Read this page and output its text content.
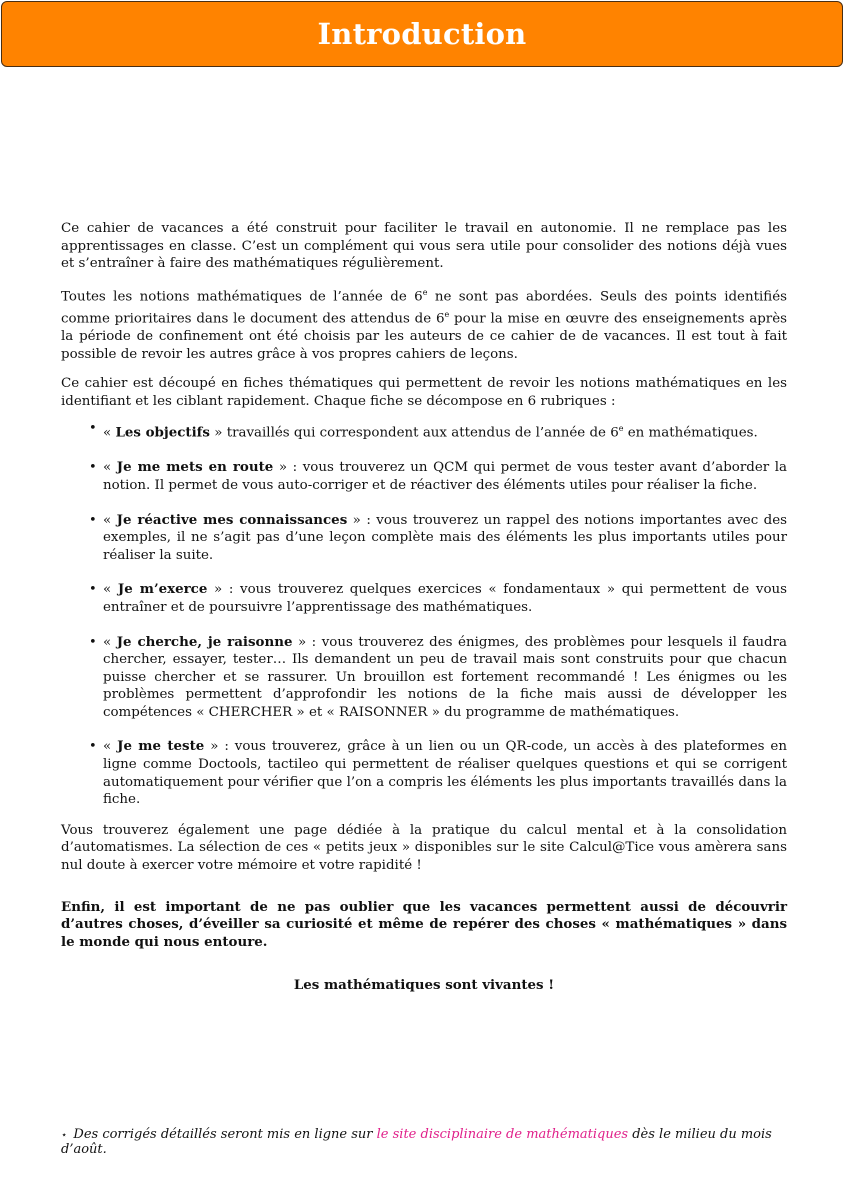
Introduction

Ce cahier de vacances a été construit pour faciliter le travail en autonomie. Il ne remplace pas les apprentissages en classe. C’est un complément qui vous sera utile pour consolider des notions déjà vues et s’entraîner à faire des mathématiques régulièrement.

Toutes les notions mathématiques de l’année de 6e ne sont pas abordées. Seuls des points identifiés comme prioritaires dans le document des attendus de 6e pour la mise en œuvre des enseignements après la période de confinement ont été choisis par les auteurs de ce cahier de de vacances. Il est tout à fait possible de revoir les autres grâce à vos propres cahiers de leçons.

Ce cahier est découpé en fiches thématiques qui permettent de revoir les notions mathématiques en les identifiant et les ciblant rapidement. Chaque fiche se décompose en 6 rubriques :

• « Les objectifs » travaillés qui correspondent aux attendus de l’année de 6e en mathématiques.
• « Je me mets en route » : vous trouverez un QCM qui permet de vous tester avant d’aborder la notion. Il permet de vous auto-corriger et de réactiver des éléments utiles pour réaliser la fiche.
• « Je réactive mes connaissances » : vous trouverez un rappel des notions importantes avec des exemples, il ne s’agit pas d’une leçon complète mais des éléments les plus importants utiles pour réaliser la suite.
• « Je m’exerce » : vous trouverez quelques exercices « fondamentaux » qui permettent de vous entraîner et de poursuivre l’apprentissage des mathématiques.
• « Je cherche, je raisonne » : vous trouverez des énigmes, des problèmes pour lesquels il faudra chercher, essayer, tester… Ils demandent un peu de travail mais sont construits pour que chacun puisse chercher et se rassurer. Un brouillon est fortement recommandé ! Les énigmes ou les problèmes permettent d’approfondir les notions de la fiche mais aussi de développer les compétences « CHERCHER » et « RAISONNER » du programme de mathématiques.
• « Je me teste » : vous trouverez, grâce à un lien ou un QR-code, un accès à des plateformes en ligne comme Doctools, tactileo qui permettent de réaliser quelques questions et qui se corrigent automatiquement pour vérifier que l’on a compris les éléments les plus importants travaillés dans la fiche.

Vous trouverez également une page dédiée à la pratique du calcul mental et à la consolidation d’automatismes. La sélection de ces « petits jeux » disponibles sur le site Calcul@Tice vous amèrera sans nul doute à exercer votre mémoire et votre rapidité !

Enfin, il est important de ne pas oublier que les vacances permettent aussi de découvrir d’autres choses, d’éveiller sa curiosité et même de repérer des choses « mathématiques » dans le monde qui nous entoure.

Les mathématiques sont vivantes !

⋆ Des corrigés détaillés seront mis en ligne sur le site disciplinaire de mathématiques dès le milieu du mois d’août.
